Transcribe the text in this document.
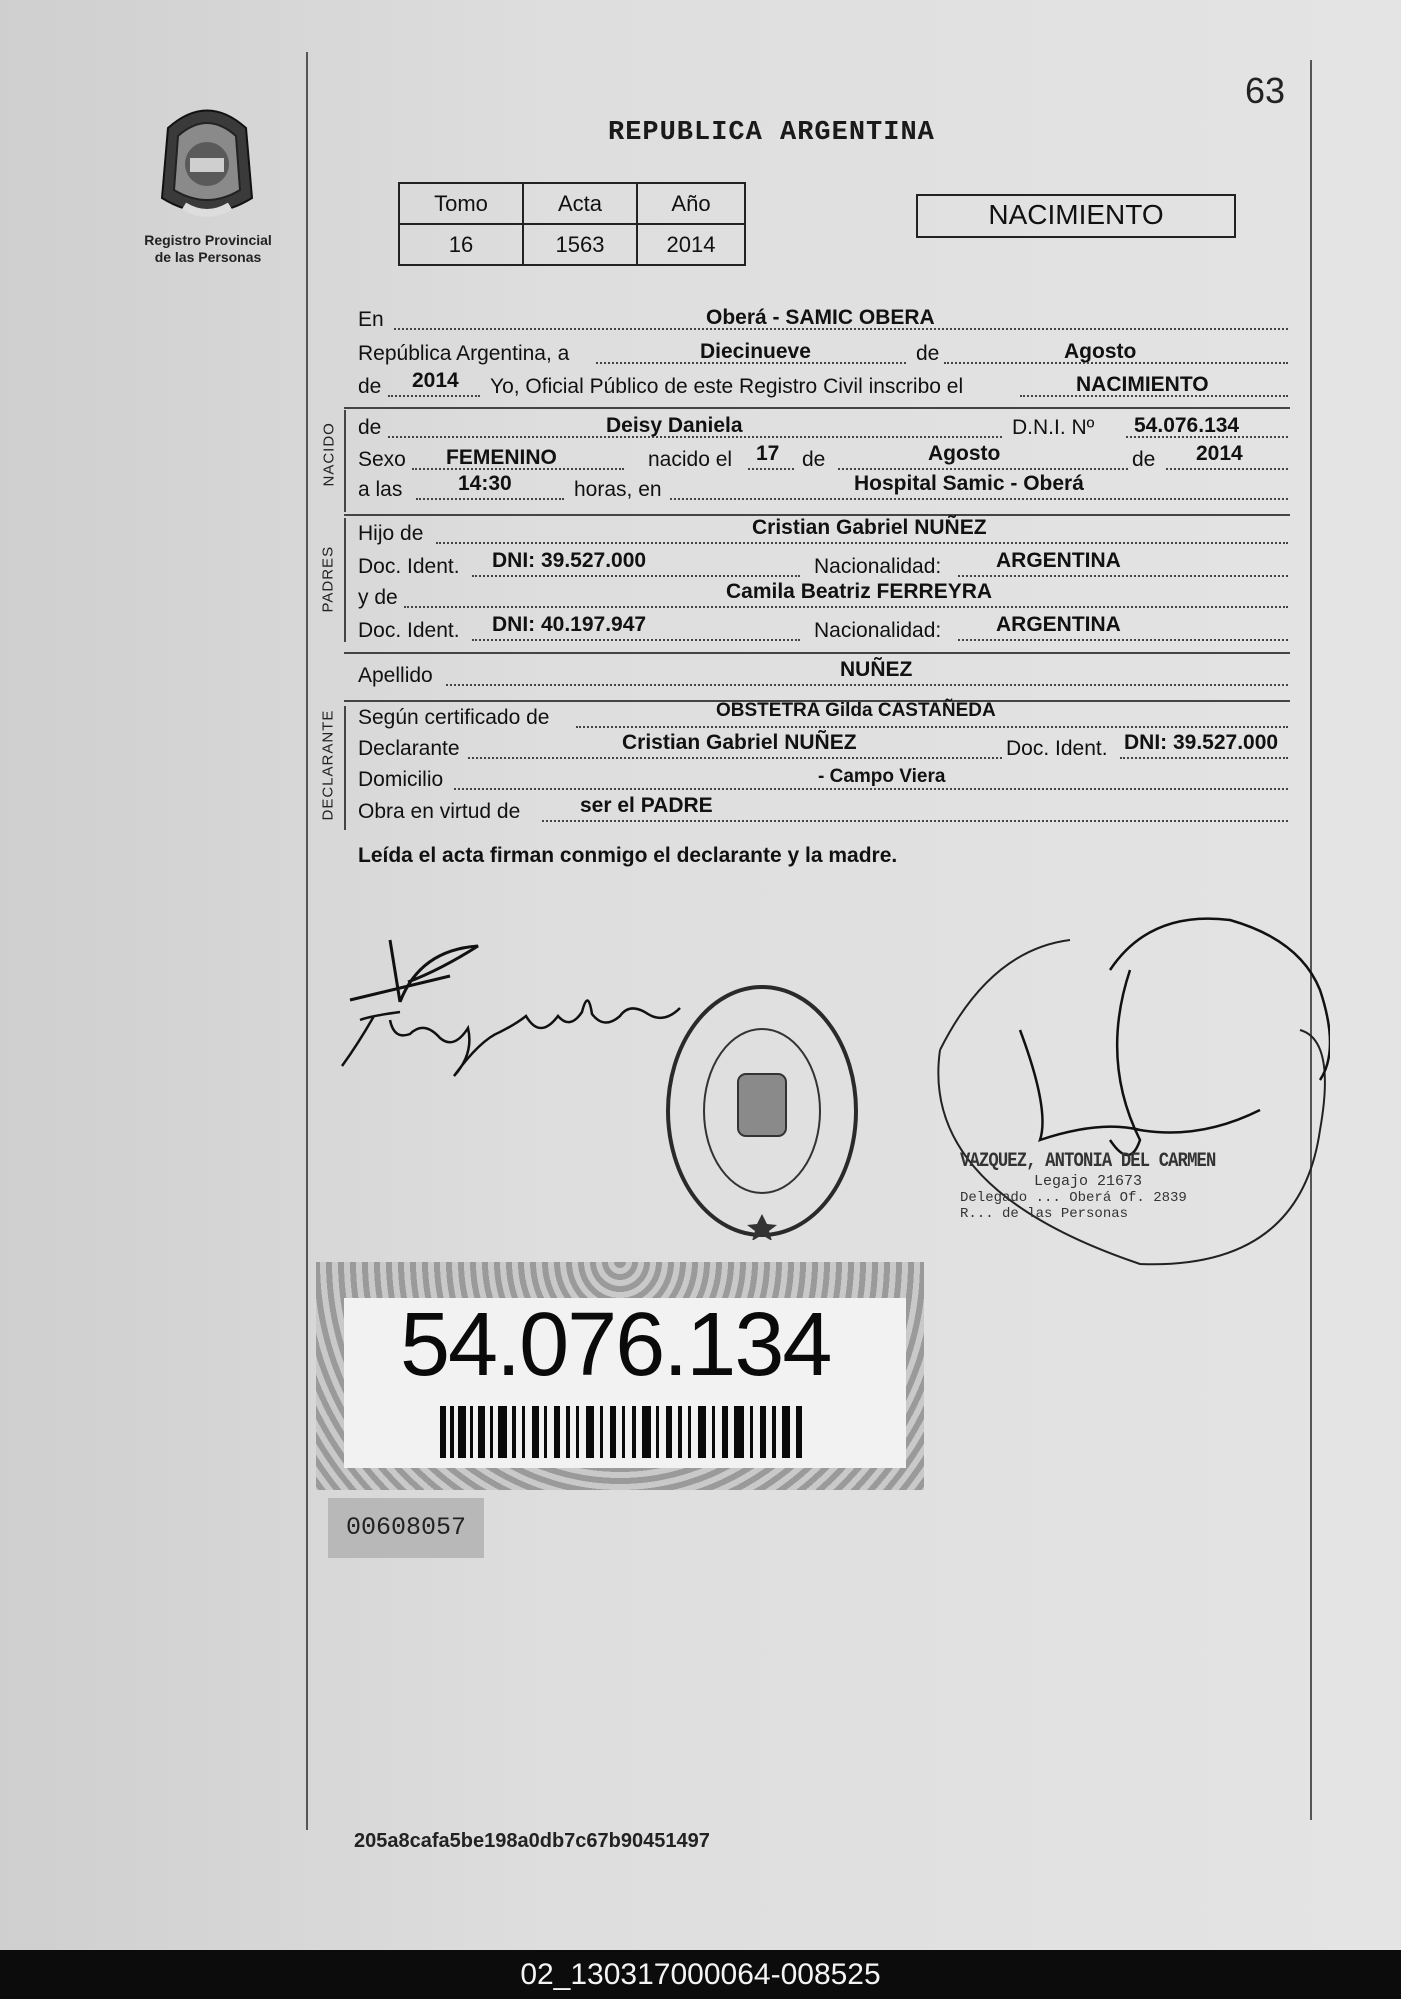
Registro Provincial
de las Personas
63
REPUBLICA ARGENTINA
Tomo	Acta	Año
16	1563	2014
NACIMIENTO
En	Oberá - SAMIC OBERA
República Argentina, a	Diecinueve	de	Agosto
de 2014 Yo, Oficial Público de este Registro Civil inscribo el	NACIMIENTO
NACIDO de	Deisy Daniela	D.N.I. Nº 54.076.134
Sexo FEMENINO	nacido el 17 de	Agosto	de 2014
a las	14:30	horas, en	Hospital Samic - Oberá
PADRES
Hijo de	Cristian Gabriel NUÑEZ
Doc. Ident. DNI: 39.527.000	Nacionalidad:	ARGENTINA
y de	Camila Beatriz FERREYRA
Doc. Ident. DNI: 40.197.947	Nacionalidad:	ARGENTINA
Apellido	NUÑEZ
DECLARANTE Según certificado de	OBSTETRA Gilda CASTAÑEDA
Declarante	Cristian Gabriel NUÑEZ	Doc. Ident. DNI: 39.527.000
Domicilio	- Campo Viera
Obra en virtud de	ser el PADRE
Leída el acta firman conmigo el declarante y la madre.
VAZQUEZ, ANTONIA DEL CARMEN
Legajo 21673
Delegado ... Oberá Of. 2839
R... de las Personas
54.076.134
00608057
205a8cafa5be198a0db7c67b90451497
02_130317000064-008525
